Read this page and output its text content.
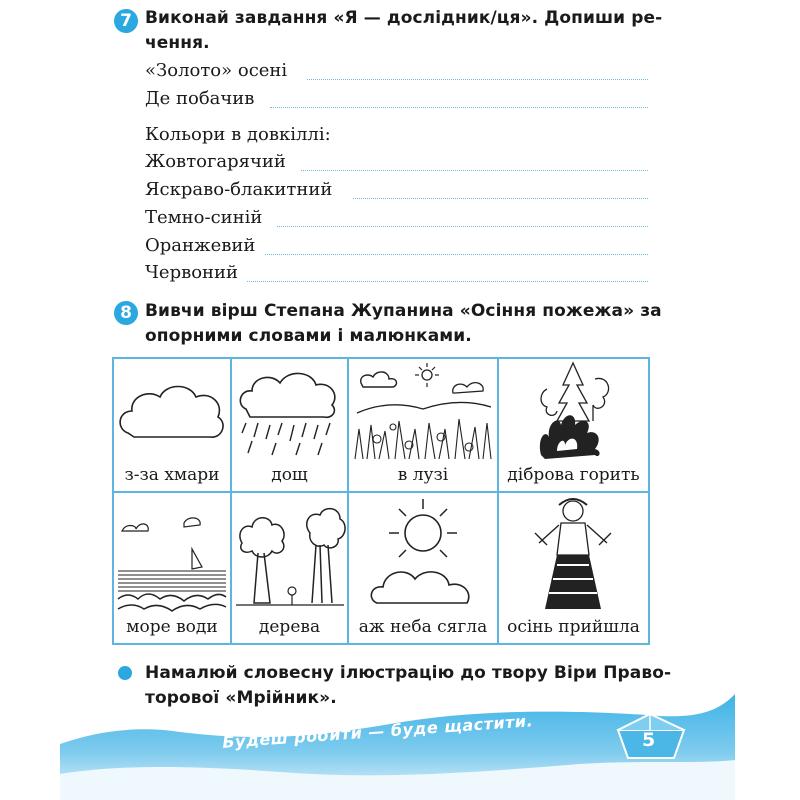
7 Виконай завдання «Я — дослідник/ця». Допиши ре-
чення.
«Золото» осені
Де побачив
Кольори в довкіллі:
Жовтогарячий
Яскраво-блакитний
Темно-синій
Оранжевий
Червоний
8 Вивчи вірш Степана Жупанина «Осіння пожежа» за
опорними словами і малюнками.
з-за хмари	дощ	в лузі	діброва горить
море води	дерева	аж неба сягла	осінь прийшла
Намалюй словесну ілюстрацію до твору Віри Право-
торової «Мрійник».
Будеш робити — буде щастити.	5
